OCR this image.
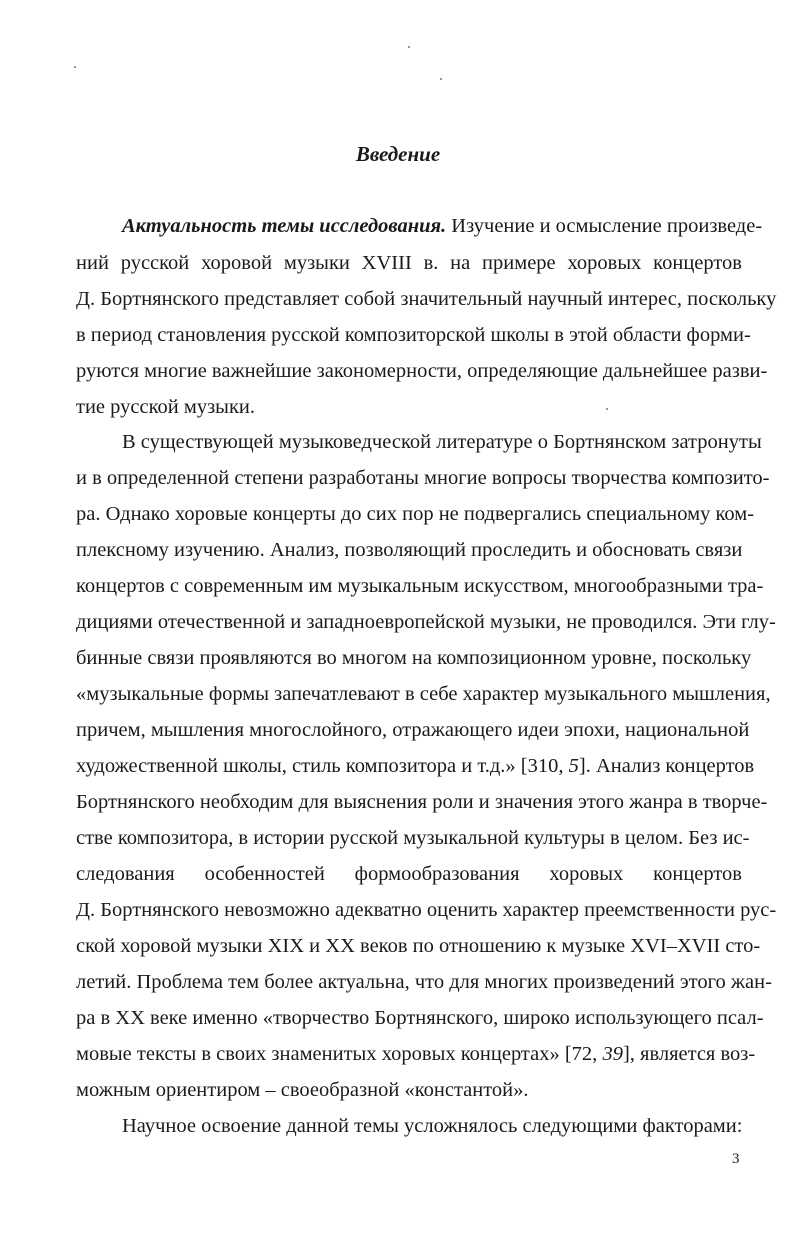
Введение
Актуальность темы исследования. Изучение и осмысление произведе-
ний русской хоровой музыки XVIII в. на примере хоровых концертов
Д. Бортнянского представляет собой значительный научный интерес, поскольку
в период становления русской композиторской школы в этой области форми-
руются многие важнейшие закономерности, определяющие дальнейшее разви-
тие русской музыки.
В существующей музыковедческой литературе о Бортнянском затронуты
и в определенной степени разработаны многие вопросы творчества композито-
ра. Однако хоровые концерты до сих пор не подвергались специальному ком-
плексному изучению. Анализ, позволяющий проследить и обосновать связи
концертов с современным им музыкальным искусством, многообразными тра-
дициями отечественной и западноевропейской музыки, не проводился. Эти глу-
бинные связи проявляются во многом на композиционном уровне, поскольку
«музыкальные формы запечатлевают в себе характер музыкального мышления,
причем, мышления многослойного, отражающего идеи эпохи, национальной
художественной школы, стиль композитора и т.д.» [310, 5]. Анализ концертов
Бортнянского необходим для выяснения роли и значения этого жанра в творче-
стве композитора, в истории русской музыкальной культуры в целом. Без ис-
следования особенностей формообразования хоровых концертов
Д. Бортнянского невозможно адекватно оценить характер преемственности рус-
ской хоровой музыки XIX и XX веков по отношению к музыке XVI–XVII сто-
летий. Проблема тем более актуальна, что для многих произведений этого жан-
ра в XX веке именно «творчество Бортнянского, широко использующего псал-
мовые тексты в своих знаменитых хоровых концертах» [72, 39], является воз-
можным ориентиром – своеобразной «константой».
Научное освоение данной темы усложнялось следующими факторами:
3
